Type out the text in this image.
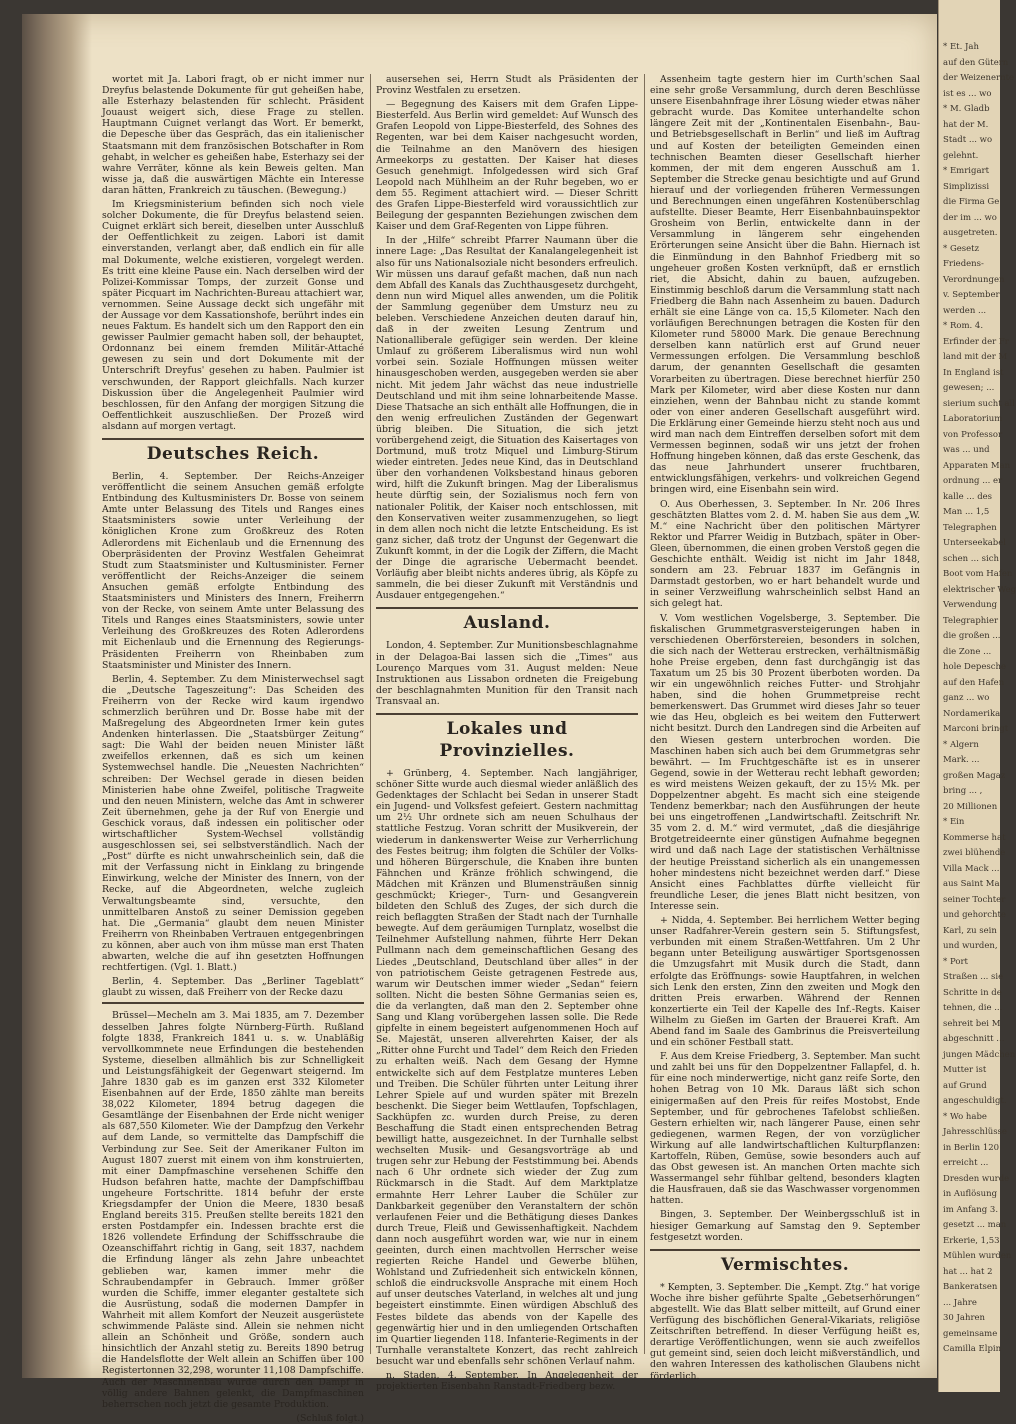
wortet mit Ja. Labori fragt, ob er nicht immer nur Dreyfus belastende Dokumente für gut geheißen habe, alle Esterhazy belastenden für schlecht. Präsident Jouaust weigert sich, diese Frage zu stellen. Hauptmann Cuignet verlangt das Wort. Er bemerkt, die Depesche über das Gespräch, das ein italienischer Staatsmann mit dem französischen Botschafter in Rom gehabt, in welcher es geheißen habe, Esterhazy sei der wahre Verräter, könne als kein Beweis gelten. Man wisse ja, daß die auswärtigen Mächte ein Interesse daran hätten, Frankreich zu täuschen. (Bewegung.)

Im Kriegsministerium befinden sich noch viele solcher Dokumente, die für Dreyfus belastend seien. Cuignet erklärt sich bereit, dieselben unter Ausschluß der Oeffentlichkeit zu zeigen. Labori ist damit einverstanden, verlangt aber, daß endlich ein für alle mal Dokumente, welche existieren, vorgelegt werden. Es tritt eine kleine Pause ein. Nach derselben wird der Polizei-Kommissar Tomps, der zurzeit Gonse und später Picquart im Nachrichten-Bureau attachiert war, vernommen. Seine Aussage deckt sich ungefähr mit der Aussage vor dem Kassationshofe, berührt indes ein neues Faktum. Es handelt sich um den Rapport den ein gewisser Paulmier gemacht haben soll, der behauptet, Ordonnanz bei einem fremden Militär-Attaché gewesen zu sein und dort Dokumente mit der Unterschrift Dreyfus' gesehen zu haben. Paulmier ist verschwunden, der Rapport gleichfalls. Nach kurzer Diskussion über die Angelegenheit Paulmier wird beschlossen, für den Anfang der morgigen Sitzung die Oeffentlichkeit auszuschließen. Der Prozeß wird alsdann auf morgen vertagt.

Deutsches Reich.

Berlin, 4. September. Der Reichs-Anzeiger veröffentlicht die seinem Ansuchen gemäß erfolgte Entbindung des Kultusministers Dr. Bosse von seinem Amte unter Belassung des Titels und Ranges eines Staatsministers sowie unter Verleihung der königlichen Krone zum Großkreuz des Roten Adlerordens mit Eichenlaub und die Ernennung des Oberpräsidenten der Provinz Westfalen Geheimrat Studt zum Staatsminister und Kultusminister. Ferner veröffentlicht der Reichs-Anzeiger die seinem Ansuchen gemäß erfolgte Entbindung des Staatsministers und Ministers des Innern, Freiherrn von der Recke, von seinem Amte unter Belassung des Titels und Ranges eines Staatsministers, sowie unter Verleihung des Großkreuzes des Roten Adlerordens mit Eichenlaub und die Ernennung des Regierungs-Präsidenten Freiherrn von Rheinbaben zum Staatsminister und Minister des Innern.

Berlin, 4. September. Zu dem Ministerwechsel sagt die „Deutsche Tageszeitung“: Das Scheiden des Freiherrn von der Recke wird kaum irgendwo schmerzlich berühren und Dr. Bosse habe mit der Maßregelung des Abgeordneten Irmer kein gutes Andenken hinterlassen. Die „Staatsbürger Zeitung“ sagt: Die Wahl der beiden neuen Minister läßt zweifellos erkennen, daß es sich um keinen Systemwechsel handle. Die „Neuesten Nachrichten“ schreiben: Der Wechsel gerade in diesen beiden Ministerien habe ohne Zweifel, politische Tragweite und den neuen Ministern, welche das Amt in schwerer Zeit übernehmen, gehe ja der Ruf von Energie und Geschick voraus, daß indessen ein politischer oder wirtschaftlicher System-Wechsel vollständig ausgeschlossen sei, sei selbstverständlich. Nach der „Post“ dürfte es nicht unwahrscheinlich sein, daß die mit der Verfassung nicht in Einklang zu bringende Einwirkung, welche der Minister des Innern, von der Recke, auf die Abgeordneten, welche zugleich Verwaltungsbeamte sind, versuchte, den unmittelbaren Anstoß zu seiner Demission gegeben hat. Die „Germania“ glaubt dem neuen Minister Freiherrn von Rheinbaben Vertrauen entgegenbringen zu können, aber auch von ihm müsse man erst Thaten abwarten, welche die auf ihn gesetzten Hoffnungen rechtfertigen. (Vgl. 1. Blatt.)

Berlin, 4. September. Das „Berliner Tageblatt“ glaubt zu wissen, daß Freiherr von der Recke dazu

Brüssel—Mecheln am 3. Mai 1835, am 7. Dezember desselben Jahres folgte Nürnberg-Fürth. Rußland folgte 1838, Frankreich 1841 u. s. w. Unabläßig vervollkommnete neue Erfindungen die bestehenden Systeme, dieselben allmählich bis zur Schnelligkeit und Leistungsfähigkeit der Gegenwart steigernd. Im Jahre 1830 gab es im ganzen erst 332 Kilometer Eisenbahnen auf der Erde, 1850 zählte man bereits 38,022 Kilometer, 1894 betrug dagegen die Gesamtlänge der Eisenbahnen der Erde nicht weniger als 687,550 Kilometer. Wie der Dampfzug den Verkehr auf dem Lande, so vermittelte das Dampfschiff die Verbindung zur See. Seit der Amerikaner Fulton im August 1807 zuerst mit einem von ihm konstruierten, mit einer Dampfmaschine versehenen Schiffe den Hudson befahren hatte, machte der Dampfschiffbau ungeheure Fortschritte. 1814 befuhr der erste Kriegsdampfer der Union die Meere, 1830 besaß England bereits 315. Preußen stellte bereits 1821 den ersten Postdampfer ein. Indessen brachte erst die 1826 vollendete Erfindung der Schiffsschraube die Ozeanschiffahrt richtig in Gang, seit 1837, nachdem die Erfindung länger als zehn Jahre unbeachtet geblieben war, kamen immer mehr die Schraubendampfer in Gebrauch. Immer größer wurden die Schiffe, immer eleganter gestaltete sich die Ausrüstung, sodaß die modernen Dampfer in Wahrheit mit allem Komfort der Neuzeit ausgerüstete schwimmende Paläste sind. Allein sie nehmen nicht allein an Schönheit und Größe, sondern auch hinsichtlich der Anzahl stetig zu. Bereits 1890 betrug die Handelsflotte der Welt allein an Schiffen über 100 Registertonnen 32,298, worunter 11,108 Dampfschiffe. Auch der Maschinenbau wurde durch den Dampf in völlig andere Bahnen gelenkt, die Dampfmaschinen beherrschen noch jetzt die gesamte Produktion.

(Schluß folgt.)

ausersehen sei, Herrn Studt als Präsidenten der Provinz Westfalen zu ersetzen.

— Begegnung des Kaisers mit dem Grafen Lippe-Biesterfeld. Aus Berlin wird gemeldet: Auf Wunsch des Grafen Leopold von Lippe-Biesterfeld, des Sohnes des Regenten, war bei dem Kaiser nachgesucht worden, die Teilnahme an den Manövern des hiesigen Armeekorps zu gestatten. Der Kaiser hat dieses Gesuch genehmigt. Infolgedessen wird sich Graf Leopold nach Mühlheim an der Ruhr begeben, wo er dem 55. Regiment attachiert wird. — Dieser Schritt des Grafen Lippe-Biesterfeld wird voraussichtlich zur Beilegung der gespannten Beziehungen zwischen dem Kaiser und dem Graf-Regenten von Lippe führen.

In der „Hilfe“ schreibt Pfarrer Naumann über die innere Lage: „Das Resultat der Kanalangelegenheit ist also für uns Nationalsoziale nicht besonders erfreulich. Wir müssen uns darauf gefaßt machen, daß nun nach dem Abfall des Kanals das Zuchthausgesetz durchgeht, denn nun wird Miquel alles anwenden, um die Politik der Sammlung gegenüber dem Umsturz neu zu beleben. Verschiedene Anzeichen deuten darauf hin, daß in der zweiten Lesung Zentrum und Nationalliberale gefügiger sein werden. Der kleine Umlauf zu größerem Liberalismus wird nun wohl vorbei sein. Soziale Hoffnungen müssen weiter hinausgeschoben werden, ausgegeben werden sie aber nicht. Mit jedem Jahr wächst das neue industrielle Deutschland und mit ihm seine lohnarbeitende Masse. Diese Thatsache an sich enthält alle Hoffnungen, die in den wenig erfreulichen Zuständen der Gegenwart übrig bleiben. Die Situation, die sich jetzt vorübergehend zeigt, die Situation des Kaisertages von Dortmund, muß trotz Miquel und Limburg-Stirum wieder eintreten. Jedes neue Kind, das in Deutschland über den vorhandenen Volksbestand hinaus geboren wird, hilft die Zukunft bringen. Mag der Liberalismus heute dürftig sein, der Sozialismus noch fern von nationaler Politik, der Kaiser noch entschlossen, mit den Konservativen weiter zusammenzugehen, so liegt in dem allen noch nicht die letzte Entscheidung. Es ist ganz sicher, daß trotz der Ungunst der Gegenwart die Zukunft kommt, in der die Logik der Ziffern, die Macht der Dinge die agrarische Uebermacht beendet. Vorläufig aber bleibt nichts anderes übrig, als Köpfe zu sammeln, die bei dieser Zukunft mit Verständnis und Ausdauer entgegengehen.“

Ausland.

London, 4. September. Zur Munitionsbeschlagnahme in der Delagoa-Bai lassen sich die „Times“ aus Lourenço Marques vom 31. August melden: Neue Instruktionen aus Lissabon ordneten die Freigebung der beschlagnahmten Munition für den Transit nach Transvaal an.

Lokales und Provinzielles.

+ Grünberg, 4. September. Nach langjähriger, schöner Sitte wurde auch diesmal wieder anläßlich des Gedenktages der Schlacht bei Sedan in unserer Stadt ein Jugend- und Volksfest gefeiert. Gestern nachmittag um 2½ Uhr ordnete sich am neuen Schulhaus der stattliche Festzug. Voran schritt der Musikverein, der wiederum in dankenswerter Weise zur Verherrlichung des Festes beitrug; ihm folgten die Schüler der Volks- und höheren Bürgerschule, die Knaben ihre bunten Fähnchen und Kränze fröhlich schwingend, die Mädchen mit Kränzen und Blumensträußen sinnig geschmückt; Krieger-, Turn- und Gesangverein bildeten den Schluß des Zuges, der sich durch die reich beflaggten Straßen der Stadt nach der Turnhalle bewegte. Auf dem geräumigen Turnplatz, woselbst die Teilnehmer Aufstellung nahmen, führte Herr Dekan Pullmann nach dem gemeinschaftlichen Gesang des Liedes „Deutschland, Deutschland über alles“ in der von patriotischem Geiste getragenen Festrede aus, warum wir Deutschen immer wieder „Sedan“ feiern sollten. Nicht die besten Söhne Germanias seien es, die da verlangten, daß man den 2. September ohne Sang und Klang vorübergehen lassen solle. Die Rede gipfelte in einem begeistert aufgenommenen Hoch auf Se. Majestät, unseren allverehrten Kaiser, der als „Ritter ohne Furcht und Tadel“ dem Reich den Frieden zu erhalten weiß. Nach dem Gesang der Hymne entwickelte sich auf dem Festplatze munteres Leben und Treiben. Die Schüler führten unter Leitung ihrer Lehrer Spiele auf und wurden später mit Brezeln beschenkt. Die Sieger beim Wettlaufen, Topfschlagen, Sackhüpfen zc. wurden durch Preise, zu deren Beschaffung die Stadt einen entsprechenden Betrag bewilligt hatte, ausgezeichnet. In der Turnhalle selbst wechselten Musik- und Gesangsvorträge ab und trugen sehr zur Hebung der Feststimmung bei. Abends nach 6 Uhr ordnete sich wieder der Zug zum Rückmarsch in die Stadt. Auf dem Marktplatze ermahnte Herr Lehrer Lauber die Schüler zur Dankbarkeit gegenüber den Veranstaltern der schön verlaufenen Feier und die Bethätigung dieses Dankes durch Treue, Fleiß und Gewissenhaftigkeit. Nachdem dann noch ausgeführt worden war, wie nur in einem geeinten, durch einen machtvollen Herrscher weise regierten Reiche Handel und Gewerbe blühen, Wohlstand und Zufriedenheit sich entwickeln können, schloß die eindrucksvolle Ansprache mit einem Hoch auf unser deutsches Vaterland, in welches alt und jung begeistert einstimmte. Einen würdigen Abschluß des Festes bildete das abends von der Kapelle des gegenwärtig hier und in den umliegenden Ortschaften im Quartier liegenden 118. Infanterie-Regiments in der Turnhalle veranstaltete Konzert, das recht zahlreich besucht war und ebenfalls sehr schönen Verlauf nahm.

n. Staden, 4. September. In Angelegenheit der projektierten Eisenbahn Ranstadt-Friedberg bezw.

Assenheim tagte gestern hier im Curth'schen Saal eine sehr große Versammlung, durch deren Beschlüsse unsere Eisenbahnfrage ihrer Lösung wieder etwas näher gebracht wurde. Das Komitee unterhandelte schon längere Zeit mit der „Kontinentalen Eisenbahn-, Bau- und Betriebsgesellschaft in Berlin“ und ließ im Auftrag und auf Kosten der beteiligten Gemeinden einen technischen Beamten dieser Gesellschaft hierher kommen, der mit dem engeren Ausschuß am 1. September die Strecke genau besichtigte und auf Grund hierauf und der vorliegenden früheren Vermessungen und Berechnungen einen ungefähren Kostenüberschlag aufstellte. Dieser Beamte, Herr Eisenbahnbauinspektor Grosheim von Berlin, entwickelte dann in der Versammlung in längerem sehr eingehenden Erörterungen seine Ansicht über die Bahn. Hiernach ist die Einmündung in den Bahnhof Friedberg mit so ungeheuer großen Kosten verknüpft, daß er ernstlich riet, die Absicht, dahin zu bauen, aufzugeben. Einstimmig beschloß darum die Versammlung statt nach Friedberg die Bahn nach Assenheim zu bauen. Dadurch erhält sie eine Länge von ca. 15,5 Kilometer. Nach den vorläufigen Berechnungen betragen die Kosten für den Kilometer rund 58000 Mark. Die genaue Berechnung derselben kann natürlich erst auf Grund neuer Vermessungen erfolgen. Die Versammlung beschloß darum, der genannten Gesellschaft die gesamten Vorarbeiten zu übertragen. Diese berechnet hierfür 250 Mark per Kilometer, wird aber diese Kosten nur dann einziehen, wenn der Bahnbau nicht zu stande kommt oder von einer anderen Gesellschaft ausgeführt wird. Die Erklärung einer Gemeinde hierzu steht noch aus und wird man nach dem Eintreffen derselben sofort mit dem Vermessen beginnen, sodaß wir uns jetzt der frohen Hoffnung hingeben können, daß das erste Geschenk, das das neue Jahrhundert unserer fruchtbaren, entwicklungsfähigen, verkehrs- und volkreichen Gegend bringen wird, eine Eisenbahn sein wird.

O. Aus Oberhessen, 3. September. In Nr. 206 Ihres geschätzten Blattes vom 2. d. M. haben Sie aus dem „W. M.“ eine Nachricht über den politischen Märtyrer Rektor und Pfarrer Weidig in Butzbach, später in Ober-Gleen, übernommen, die einen groben Verstoß gegen die Geschichte enthält. Weidig ist nicht im Jahr 1848, sondern am 23. Februar 1837 im Gefängnis in Darmstadt gestorben, wo er hart behandelt wurde und in seiner Verzweiflung wahrscheinlich selbst Hand an sich gelegt hat.

V. Vom westlichen Vogelsberge, 3. September. Die fiskalischen Grummetgrasversteigerungen haben in verschiedenen Oberförstereien, besonders in solchen, die sich nach der Wetterau erstrecken, verhältnismäßig hohe Preise ergeben, denn fast durchgängig ist das Taxatum um 25 bis 30 Prozent überboten worden. Da wir ein ungewöhnlich reiches Futter- und Strohjahr haben, sind die hohen Grummetpreise recht bemerkenswert. Das Grummet wird dieses Jahr so teuer wie das Heu, obgleich es bei weitem den Futterwert nicht besitzt. Durch den Landregen sind die Arbeiten auf den Wiesen gestern unterbrochen worden. Die Maschinen haben sich auch bei dem Grummetgras sehr bewährt. — Im Fruchtgeschäfte ist es in unserer Gegend, sowie in der Wetterau recht lebhaft geworden; es wird meistens Weizen gekauft, der zu 15½ Mk. per Doppelzentner abgeht. Es macht sich eine steigende Tendenz bemerkbar; nach den Ausführungen der heute bei uns eingetroffenen „Landwirtschaftl. Zeitschrift Nr. 35 vom 2. d. M.“ wird vermutet, „daß die diesjährige Brotgetreideernte einer günstigen Aufnahme begegnen wird und daß nach Lage der statistischen Verhältnisse der heutige Preisstand sicherlich als ein unangemessen hoher mindestens nicht bezeichnet werden darf.“ Diese Ansicht eines Fachblattes dürfte vielleicht für freundliche Leser, die jenes Blatt nicht besitzen, von Interesse sein.

+ Nidda, 4. September. Bei herrlichem Wetter beging unser Radfahrer-Verein gestern sein 5. Stiftungsfest, verbunden mit einem Straßen-Wettfahren. Um 2 Uhr begann unter Beteiligung auswärtiger Sportsgenossen die Umzugsfahrt mit Musik durch die Stadt, dann erfolgte das Eröffnungs- sowie Hauptfahren, in welchen sich Lenk den ersten, Zinn den zweiten und Mogk den dritten Preis erwarben. Während der Rennen konzertierte ein Teil der Kapelle des Inf.-Regts. Kaiser Wilhelm zu Gießen im Garten der Brauerei Kraft. Am Abend fand im Saale des Gambrinus die Preisverteilung und ein schöner Festball statt.

F. Aus dem Kreise Friedberg, 3. September. Man sucht und zahlt bei uns für den Doppelzentner Fallapfel, d. h. für eine noch minderwertige, nicht ganz reife Sorte, den hohen Betrag von 10 Mk. Daraus läßt sich schon einigermaßen auf den Preis für reifes Mostobst, Ende September, und für gebrochenes Tafelobst schließen. Gestern erhielten wir, nach längerer Pause, einen sehr gediegenen, warmen Regen, der von vorzüglicher Wirkung auf alle landwirtschaftlichen Kulturpflanzen: Kartoffeln, Rüben, Gemüse, sowie besonders auch auf das Obst gewesen ist. An manchen Orten machte sich Wassermangel sehr fühlbar geltend, besonders klagten die Hausfrauen, daß sie das Waschwasser vorgenommen hatten.

Bingen, 3. September. Der Weinbergsschluß ist in hiesiger Gemarkung auf Samstag den 9. September festgesetzt worden.

Vermischtes.

* Kempten, 3. September. Die „Kempt. Ztg.“ hat vorige Woche ihre bisher geführte Spalte „Gebetserhörungen“ abgestellt. Wie das Blatt selber mitteilt, auf Grund einer Verfügung des bischöflichen General-Vikariats, religiöse Zeitschriften betreffend. In dieser Verfügung heißt es, derartige Veröffentlichungen, wenn sie auch zweifellos gut gemeint sind, seien doch leicht mißverständlich, und den wahren Interessen des katholischen Glaubens nicht förderlich.

* Et. Jah
auf den Gütern
der Weizenernte
ist es ... wo
* M. Gladb
hat der M.
Stadt ... wo
gelehnt.
* Emrigart
Simplizissi
die Firma Ge
der im ... wo
ausgetreten.
* Gesetz
Friedens-
Verordnungen
v. September
werden ...
* Rom. 4.
Erfinder der Fr
land mit der M
In England ist
gewesen; ...
sierium sucht all
Laboratorium
von Professor
was ... und
Apparaten Man
ordnung ... er
kalle ... des
Man ... 1,5
Telegraphen
Unterseekabel
schen ... sich
Boot vom Hafen
elektrischer Weg
Verwendung
Telegraphier
die großen ...
die Zone ...
hole Depesche
auf den Hafen
ganz ... wo
Nordamerika
Marconi bringt
* Algern
Mark. ...
großen Magaz
bring ... ,
20 Millionen
* Ein
Kommerse hat
zwei blühende
Villa Mack ...
aus Saint Ma
seiner Tochter
und gehorchte
Karl, zu sein
und wurden,
* Port
Straßen ... sie
Schritte in de
tehnen, die ...
sehreit bei M
abgeschnitt ...
jungen Mädchen
Mutter ist
auf Grund
angeschuldigt.
* Wo habe
Jahresschlüsse
in Berlin 120
erreicht ...
Dresden wurde
in Auflösung
im Anfang 3.
gesetzt ... man
Erkerie, 1,53
Mühlen wurden
hat ... hat 2
Bankeratsen
... Jahre
30 Jahren
gemeinsame
Camilla Elpin
